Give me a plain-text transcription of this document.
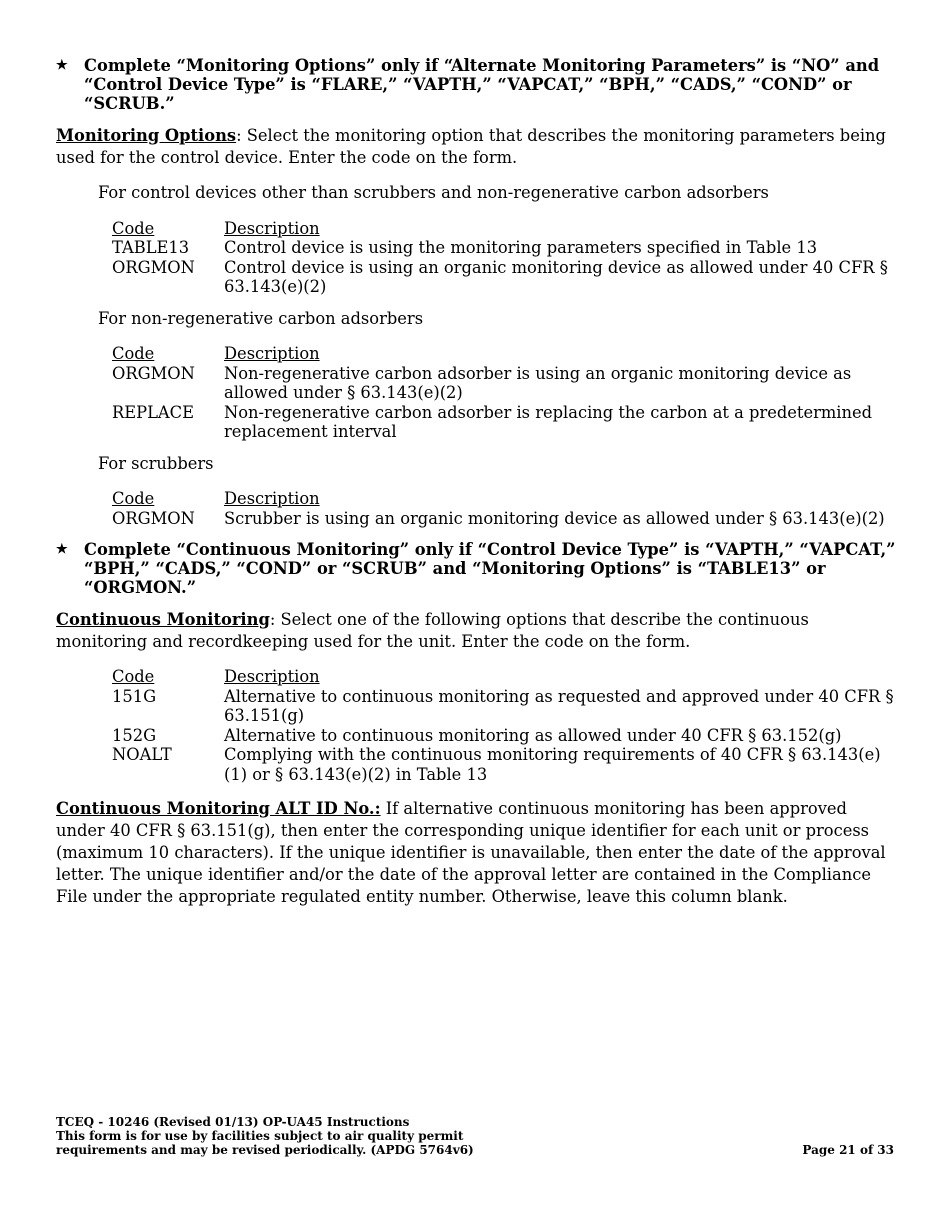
★	Complete “Monitoring Options” only if “Alternate Monitoring Parameters” is “NO” and “Control Device Type” is “FLARE,” “VAPTH,” “VAPCAT,” “BPH,” “CADS,” “COND” or “SCRUB.”

Monitoring Options: Select the monitoring option that describes the monitoring parameters being used for the control device. Enter the code on the form.

For control devices other than scrubbers and non-regenerative carbon adsorbers
Code	Description
TABLE13	Control device is using the monitoring parameters specified in Table 13
ORGMON	Control device is using an organic monitoring device as allowed under 40 CFR § 63.143(e)(2)
For non-regenerative carbon adsorbers
Code	Description
ORGMON	Non-regenerative carbon adsorber is using an organic monitoring device as allowed under § 63.143(e)(2)
REPLACE	Non-regenerative carbon adsorber is replacing the carbon at a predetermined replacement interval
For scrubbers
Code	Description
ORGMON	Scrubber is using an organic monitoring device as allowed under § 63.143(e)(2)
★	Complete “Continuous Monitoring” only if “Control Device Type” is “VAPTH,” “VAPCAT,” “BPH,” “CADS,” “COND” or “SCRUB” and “Monitoring Options” is “TABLE13” or “ORGMON.”

Continuous Monitoring: Select one of the following options that describe the continuous monitoring and recordkeeping used for the unit. Enter the code on the form.

Code	Description
151G	Alternative to continuous monitoring as requested and approved under 40 CFR § 63.151(g)
152G	Alternative to continuous monitoring as allowed under 40 CFR § 63.152(g)
NOALT	Complying with the continuous monitoring requirements of 40 CFR § 63.143(e)(1) or § 63.143(e)(2) in Table 13

Continuous Monitoring ALT ID No.: If alternative continuous monitoring has been approved under 40 CFR § 63.151(g), then enter the corresponding unique identifier for each unit or process (maximum 10 characters). If the unique identifier is unavailable, then enter the date of the approval letter. The unique identifier and/or the date of the approval letter are contained in the Compliance File under the appropriate regulated entity number. Otherwise, leave this column blank.

TCEQ - 10246 (Revised 01/13) OP-UA45 Instructions
This form is for use by facilities subject to air quality permit
requirements and may be revised periodically. (APDG 5764v6)	Page 21 of 33
